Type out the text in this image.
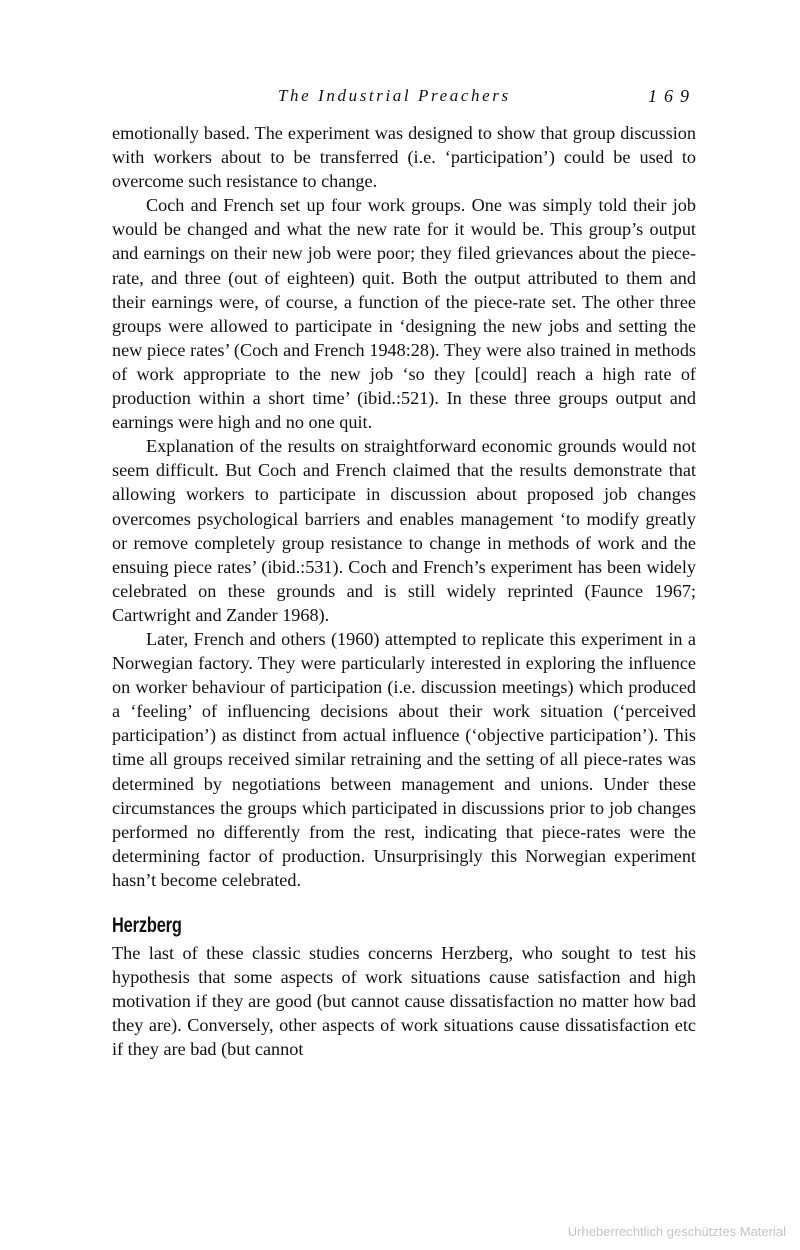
The Industrial Preachers	169

emotionally based. The experiment was designed to show that group discussion with workers about to be transferred (i.e. ‘participation’) could be used to overcome such resistance to change.

Coch and French set up four work groups. One was simply told their job would be changed and what the new rate for it would be. This group’s output and earnings on their new job were poor; they filed grievances about the piece-rate, and three (out of eighteen) quit. Both the output attributed to them and their earnings were, of course, a function of the piece-rate set. The other three groups were allowed to participate in ‘designing the new jobs and setting the new piece rates’ (Coch and French 1948:28). They were also trained in methods of work appropriate to the new job ‘so they [could] reach a high rate of production within a short time’ (ibid.:521). In these three groups output and earnings were high and no one quit.

Explanation of the results on straightforward economic grounds would not seem difficult. But Coch and French claimed that the results demonstrate that allowing workers to participate in discussion about proposed job changes overcomes psychological barriers and enables management ‘to modify greatly or remove completely group resistance to change in methods of work and the ensuing piece rates’ (ibid.:531). Coch and French’s experiment has been widely celebrated on these grounds and is still widely reprinted (Faunce 1967; Cartwright and Zander 1968).

Later, French and others (1960) attempted to replicate this experiment in a Norwegian factory. They were particularly interested in exploring the influence on worker behaviour of participation (i.e. discussion meetings) which produced a ‘feeling’ of influencing decisions about their work situation (‘perceived participation’) as distinct from actual influence (‘objective participation’). This time all groups received similar retraining and the setting of all piece-rates was determined by negotiations between management and unions. Under these circumstances the groups which participated in discussions prior to job changes performed no differently from the rest, indicating that piece-rates were the determining factor of production. Unsurprisingly this Norwegian experiment hasn’t become celebrated.

Herzberg

The last of these classic studies concerns Herzberg, who sought to test his hypothesis that some aspects of work situations cause satisfaction and high motivation if they are good (but cannot cause dissatisfaction no matter how bad they are). Conversely, other aspects of work situations cause dissatisfaction etc if they are bad (but cannot

Urheberrechtlich geschütztes Material
